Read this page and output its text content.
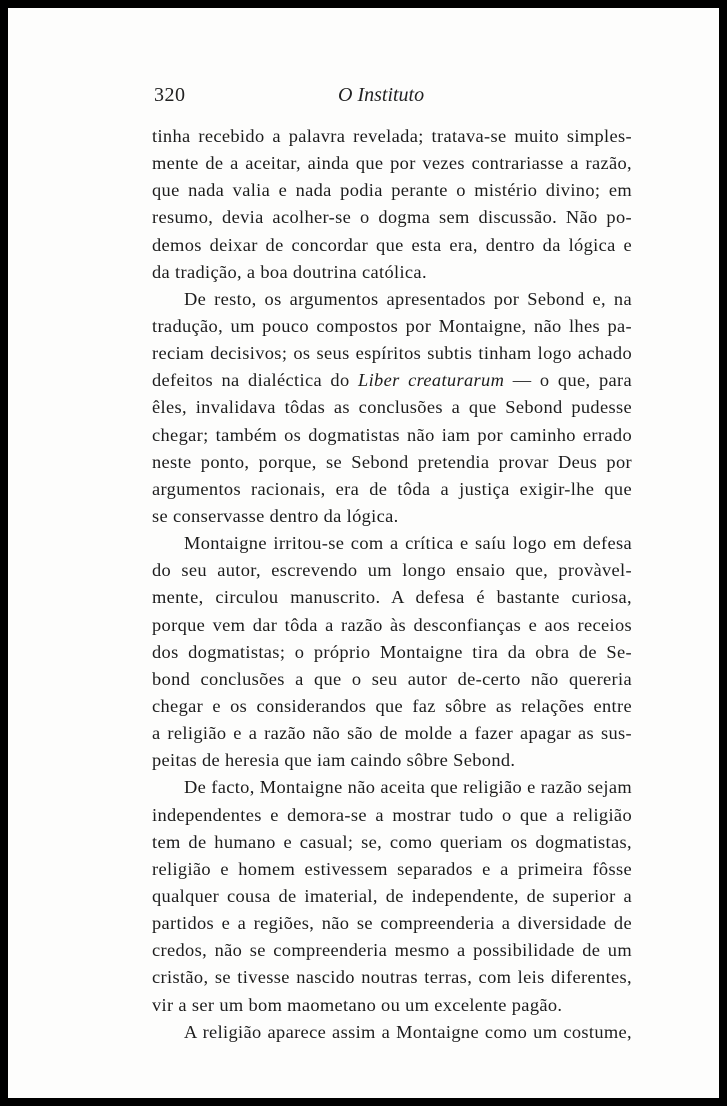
320	O Instituto
tinha recebido a palavra revelada; tratava-se muito simples-
mente de a aceitar, ainda que por vezes contrariasse a razão,
que nada valia e nada podia perante o mistério divino; em
resumo, devia acolher-se o dogma sem discussão. Não po-
demos deixar de concordar que esta era, dentro da lógica e
da tradição, a boa doutrina católica.
De resto, os argumentos apresentados por Sebond e, na
tradução, um pouco compostos por Montaigne, não lhes pa-
reciam decisivos; os seus espíritos subtis tinham logo achado
defeitos na dialéctica do Liber creaturarum — o que, para
êles, invalidava tôdas as conclusões a que Sebond pudesse
chegar; também os dogmatistas não iam por caminho errado
neste ponto, porque, se Sebond pretendia provar Deus por
argumentos racionais, era de tôda a justiça exigir-lhe que
se conservasse dentro da lógica.
Montaigne irritou-se com a crítica e saíu logo em defesa
do seu autor, escrevendo um longo ensaio que, provàvel-
mente, circulou manuscrito. A defesa é bastante curiosa,
porque vem dar tôda a razão às desconfianças e aos receios
dos dogmatistas; o próprio Montaigne tira da obra de Se-
bond conclusões a que o seu autor de-certo não quereria
chegar e os considerandos que faz sôbre as relações entre
a religião e a razão não são de molde a fazer apagar as sus-
peitas de heresia que iam caindo sôbre Sebond.
De facto, Montaigne não aceita que religião e razão sejam
independentes e demora-se a mostrar tudo o que a religião
tem de humano e casual; se, como queriam os dogmatistas,
religião e homem estivessem separados e a primeira fôsse
qualquer cousa de imaterial, de independente, de superior a
partidos e a regiões, não se compreenderia a diversidade de
credos, não se compreenderia mesmo a possibilidade de um
cristão, se tivesse nascido noutras terras, com leis diferentes,
vir a ser um bom maometano ou um excelente pagão.
A religião aparece assim a Montaigne como um costume,
